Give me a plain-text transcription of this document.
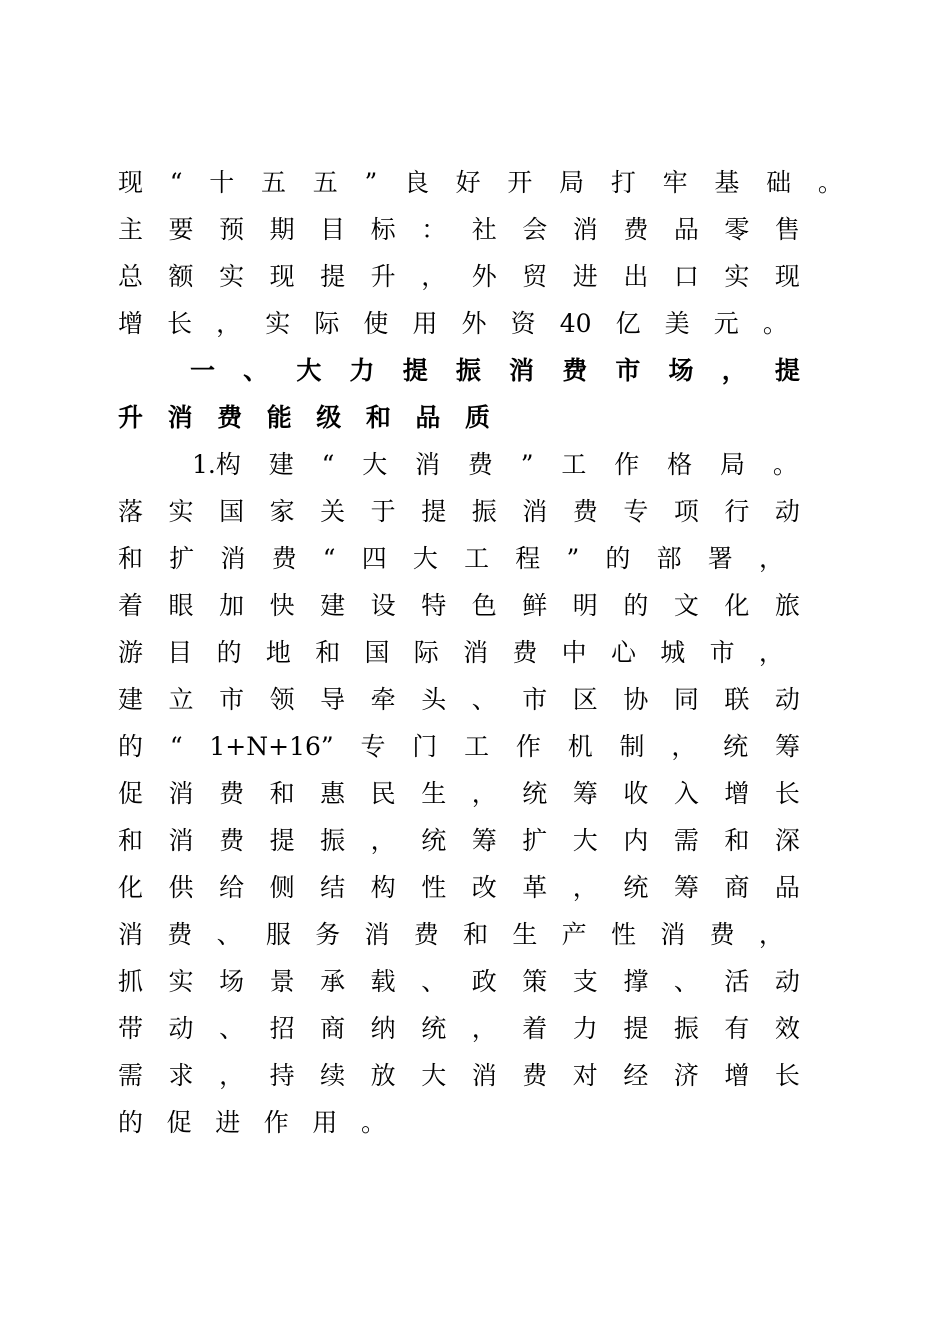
现 “ 十 五 五 ” 良 好 开 局 打 牢 基 础 。
主 要 预 期 目 标 ： 社 会 消 费 品 零 售
总 额 实 现 提 升 ， 外 贸 进 出 口 实 现
增 长 ， 实 际 使 用 外 资 40 亿 美 元 。
一 、 大 力 提 振 消 费 市 场 ， 提
升 消 费 能 级 和 品 质
1.构 建 “ 大 消 费 ” 工 作 格 局 。
落 实 国 家 关 于 提 振 消 费 专 项 行 动
和 扩 消 费 “ 四 大 工 程 ” 的 部 署 ，
着 眼 加 快 建 设 特 色 鲜 明 的 文 化 旅
游 目 的 地 和 国 际 消 费 中 心 城 市 ，
建 立 市 领 导 牵 头 、 市 区 协 同 联 动
的 “ 1+N+16” 专 门 工 作 机 制 ， 统 筹
促 消 费 和 惠 民 生 ， 统 筹 收 入 增 长
和 消 费 提 振 ， 统 筹 扩 大 内 需 和 深
化 供 给 侧 结 构 性 改 革 ， 统 筹 商 品
消 费 、 服 务 消 费 和 生 产 性 消 费 ，
抓 实 场 景 承 载 、 政 策 支 撑 、 活 动
带 动 、 招 商 纳 统 ， 着 力 提 振 有 效
需 求 ， 持 续 放 大 消 费 对 经 济 增 长
的 促 进 作 用 。
